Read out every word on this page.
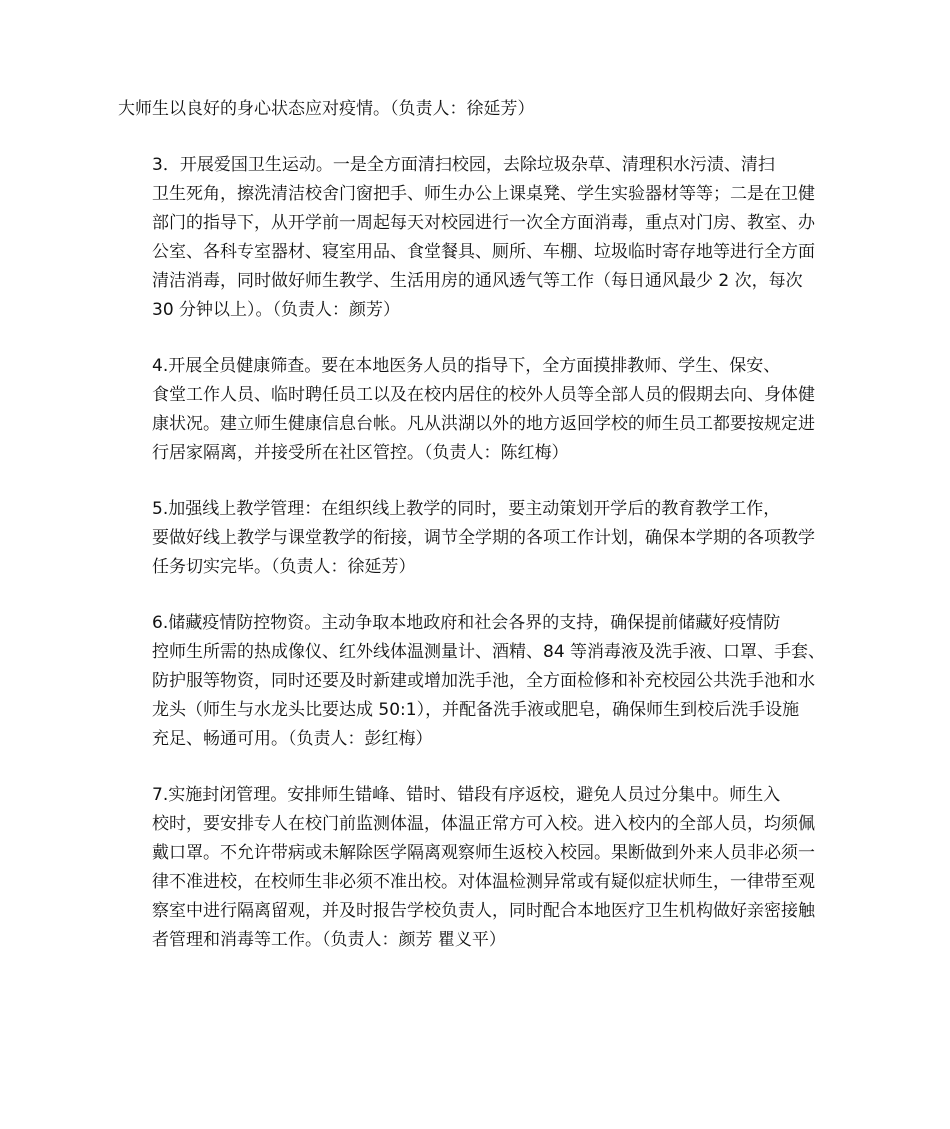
大师生以良好的身心状态应对疫情。（负责人：徐延芳）

3．开展爱国卫生运动。一是全方面清扫校园，去除垃圾杂草、清理积水污渍、清扫
卫生死角，擦洗清洁校舍门窗把手、师生办公上课桌凳、学生实验器材等等；二是在卫健
部门的指导下，从开学前一周起每天对校园进行一次全方面消毒，重点对门房、教室、办
公室、各科专室器材、寝室用品、食堂餐具、厕所、车棚、垃圾临时寄存地等进行全方面
清洁消毒，同时做好师生教学、生活用房的通风透气等工作（每日通风最少 2 次，每次
30 分钟以上）。（负责人：颜芳）

4.开展全员健康筛查。要在本地医务人员的指导下，全方面摸排教师、学生、保安、
食堂工作人员、临时聘任员工以及在校内居住的校外人员等全部人员的假期去向、身体健
康状况。建立师生健康信息台帐。凡从洪湖以外的地方返回学校的师生员工都要按规定进
行居家隔离，并接受所在社区管控。（负责人：陈红梅）

5.加强线上教学管理：在组织线上教学的同时，要主动策划开学后的教育教学工作，
要做好线上教学与课堂教学的衔接，调节全学期的各项工作计划，确保本学期的各项教学
任务切实完毕。（负责人：徐延芳）

6.储藏疫情防控物资。主动争取本地政府和社会各界的支持，确保提前储藏好疫情防
控师生所需的热成像仪、红外线体温测量计、酒精、84 等消毒液及洗手液、口罩、手套、
防护服等物资，同时还要及时新建或增加洗手池，全方面检修和补充校园公共洗手池和水
龙头（师生与水龙头比要达成 50:1），并配备洗手液或肥皂，确保师生到校后洗手设施
充足、畅通可用。（负责人：彭红梅）

7.实施封闭管理。安排师生错峰、错时、错段有序返校，避免人员过分集中。师生入
校时，要安排专人在校门前监测体温，体温正常方可入校。进入校内的全部人员，均须佩
戴口罩。不允许带病或未解除医学隔离观察师生返校入校园。果断做到外来人员非必须一
律不准进校，在校师生非必须不准出校。对体温检测异常或有疑似症状师生，一律带至观
察室中进行隔离留观，并及时报告学校负责人，同时配合本地医疗卫生机构做好亲密接触
者管理和消毒等工作。（负责人：颜芳 瞿义平）
